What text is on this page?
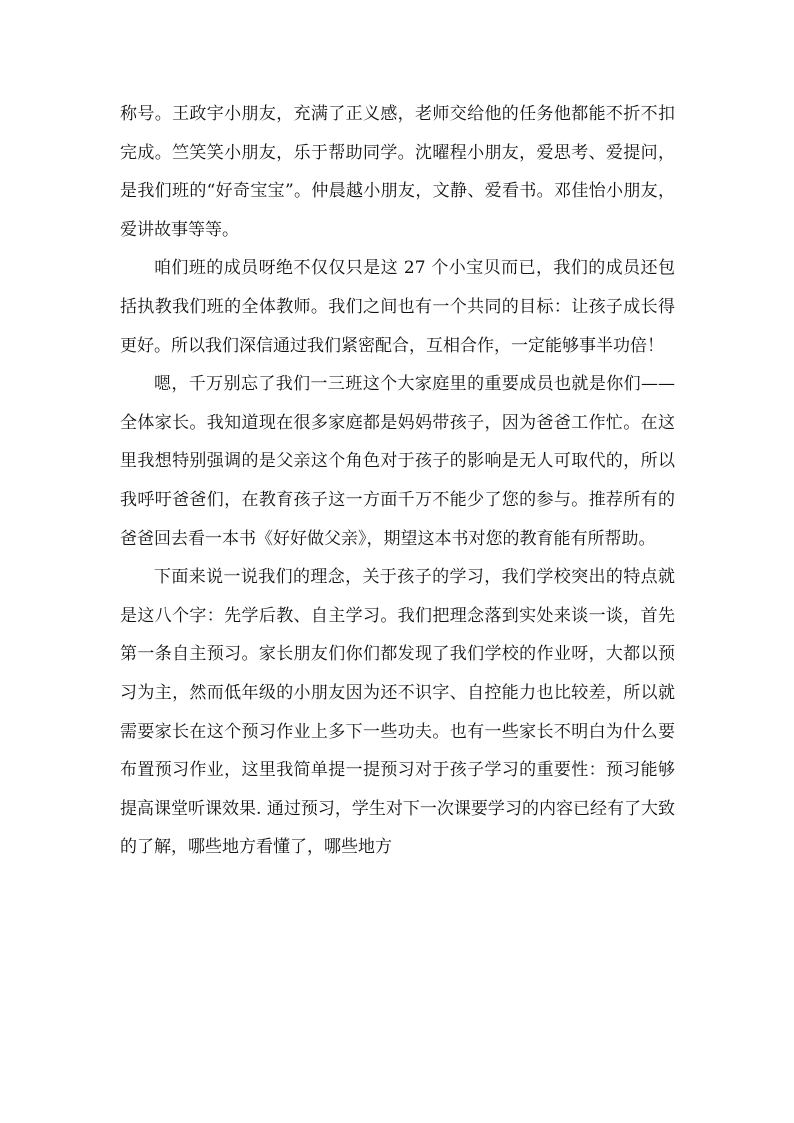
称号。王政宇小朋友，充满了正义感，老师交给他的任务他都能不折不扣完成。竺笑笑小朋友，乐于帮助同学。沈曜程小朋友，爱思考、爱提问，是我们班的“好奇宝宝”。仲晨越小朋友，文静、爱看书。邓佳怡小朋友，爱讲故事等等。

咱们班的成员呀绝不仅仅只是这 27 个小宝贝而已，我们的成员还包括执教我们班的全体教师。我们之间也有一个共同的目标：让孩子成长得更好。所以我们深信通过我们紧密配合，互相合作，一定能够事半功倍！

嗯，千万别忘了我们一三班这个大家庭里的重要成员也就是你们——全体家长。我知道现在很多家庭都是妈妈带孩子，因为爸爸工作忙。在这里我想特别强调的是父亲这个角色对于孩子的影响是无人可取代的，所以我呼吁爸爸们，在教育孩子这一方面千万不能少了您的参与。推荐所有的爸爸回去看一本书《好好做父亲》，期望这本书对您的教育能有所帮助。

下面来说一说我们的理念，关于孩子的学习，我们学校突出的特点就是这八个字：先学后教、自主学习。我们把理念落到实处来谈一谈，首先第一条自主预习。家长朋友们你们都发现了我们学校的作业呀，大都以预习为主，然而低年级的小朋友因为还不识字、自控能力也比较差，所以就需要家长在这个预习作业上多下一些功夫。也有一些家长不明白为什么要布置预习作业，这里我简单提一提预习对于孩子学习的重要性：预习能够提高课堂听课效果. 通过预习，学生对下一次课要学习的内容已经有了大致的了解，哪些地方看懂了，哪些地方
